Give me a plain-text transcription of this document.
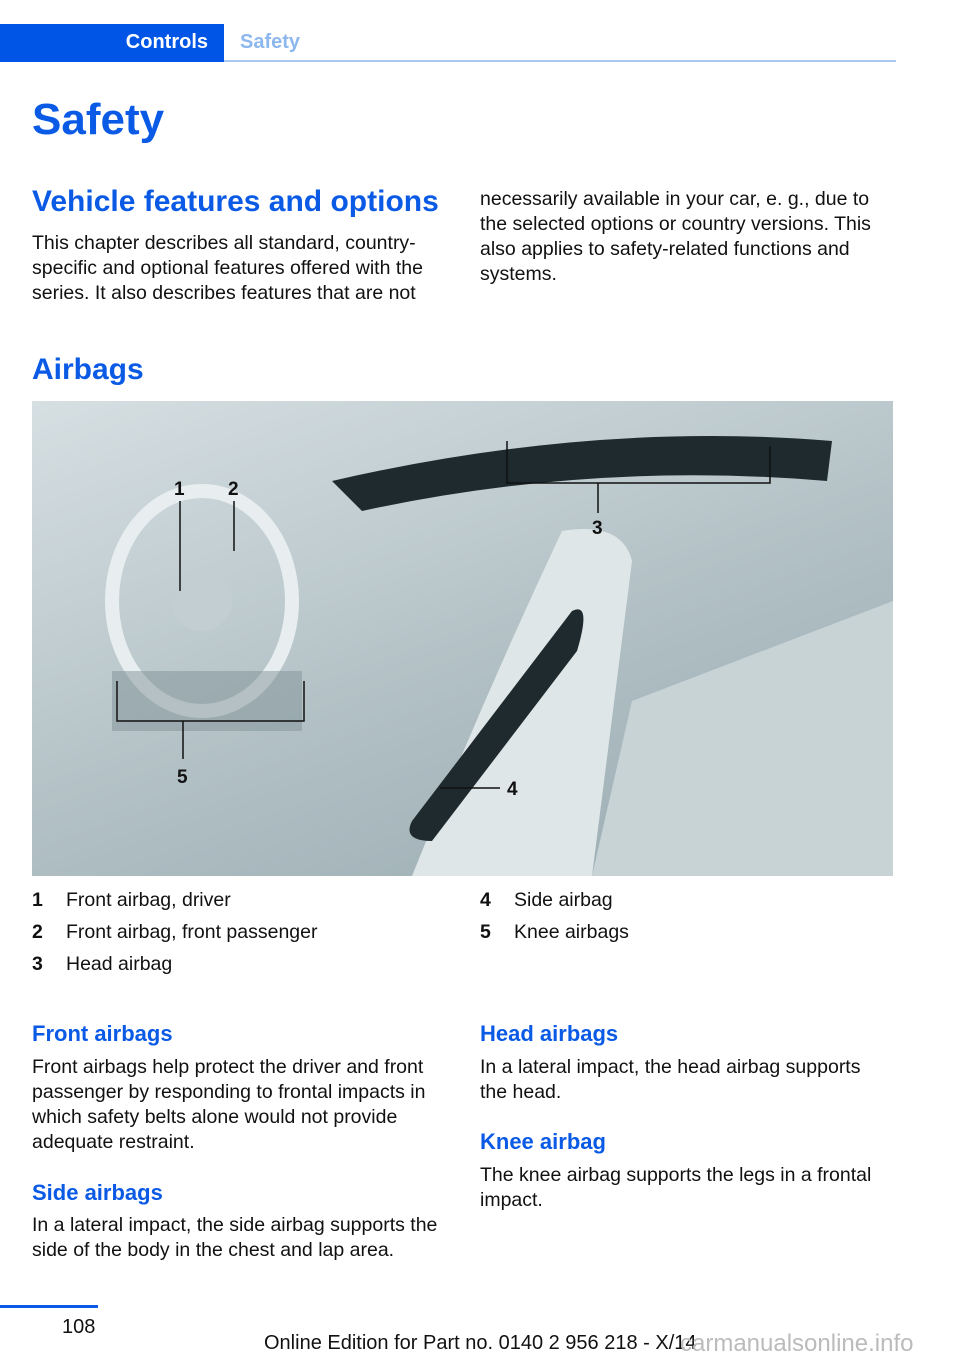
Controls	Safety
Safety
Vehicle features and options

This chapter describes all standard, country-specific and optional features offered with the series. It also describes features that are not

necessarily available in your car, e. g., due to the selected options or country versions. This also applies to safety-related functions and systems.

Airbags
1 2
3
4
5
1 Front airbag, driver
2 Front airbag, front passenger
3 Head airbag
4 Side airbag
5 Knee airbags
Front airbags

Front airbags help protect the driver and front passenger by responding to frontal impacts in which safety belts alone would not provide adequate restraint.

Side airbags

In a lateral impact, the side airbag supports the side of the body in the chest and lap area.

Head airbags

In a lateral impact, the head airbag supports the head.

Knee airbag

The knee airbag supports the legs in a frontal impact.

108
Online Edition for Part no. 0140 2 956 218 - X/14
carmanualsonline.info
